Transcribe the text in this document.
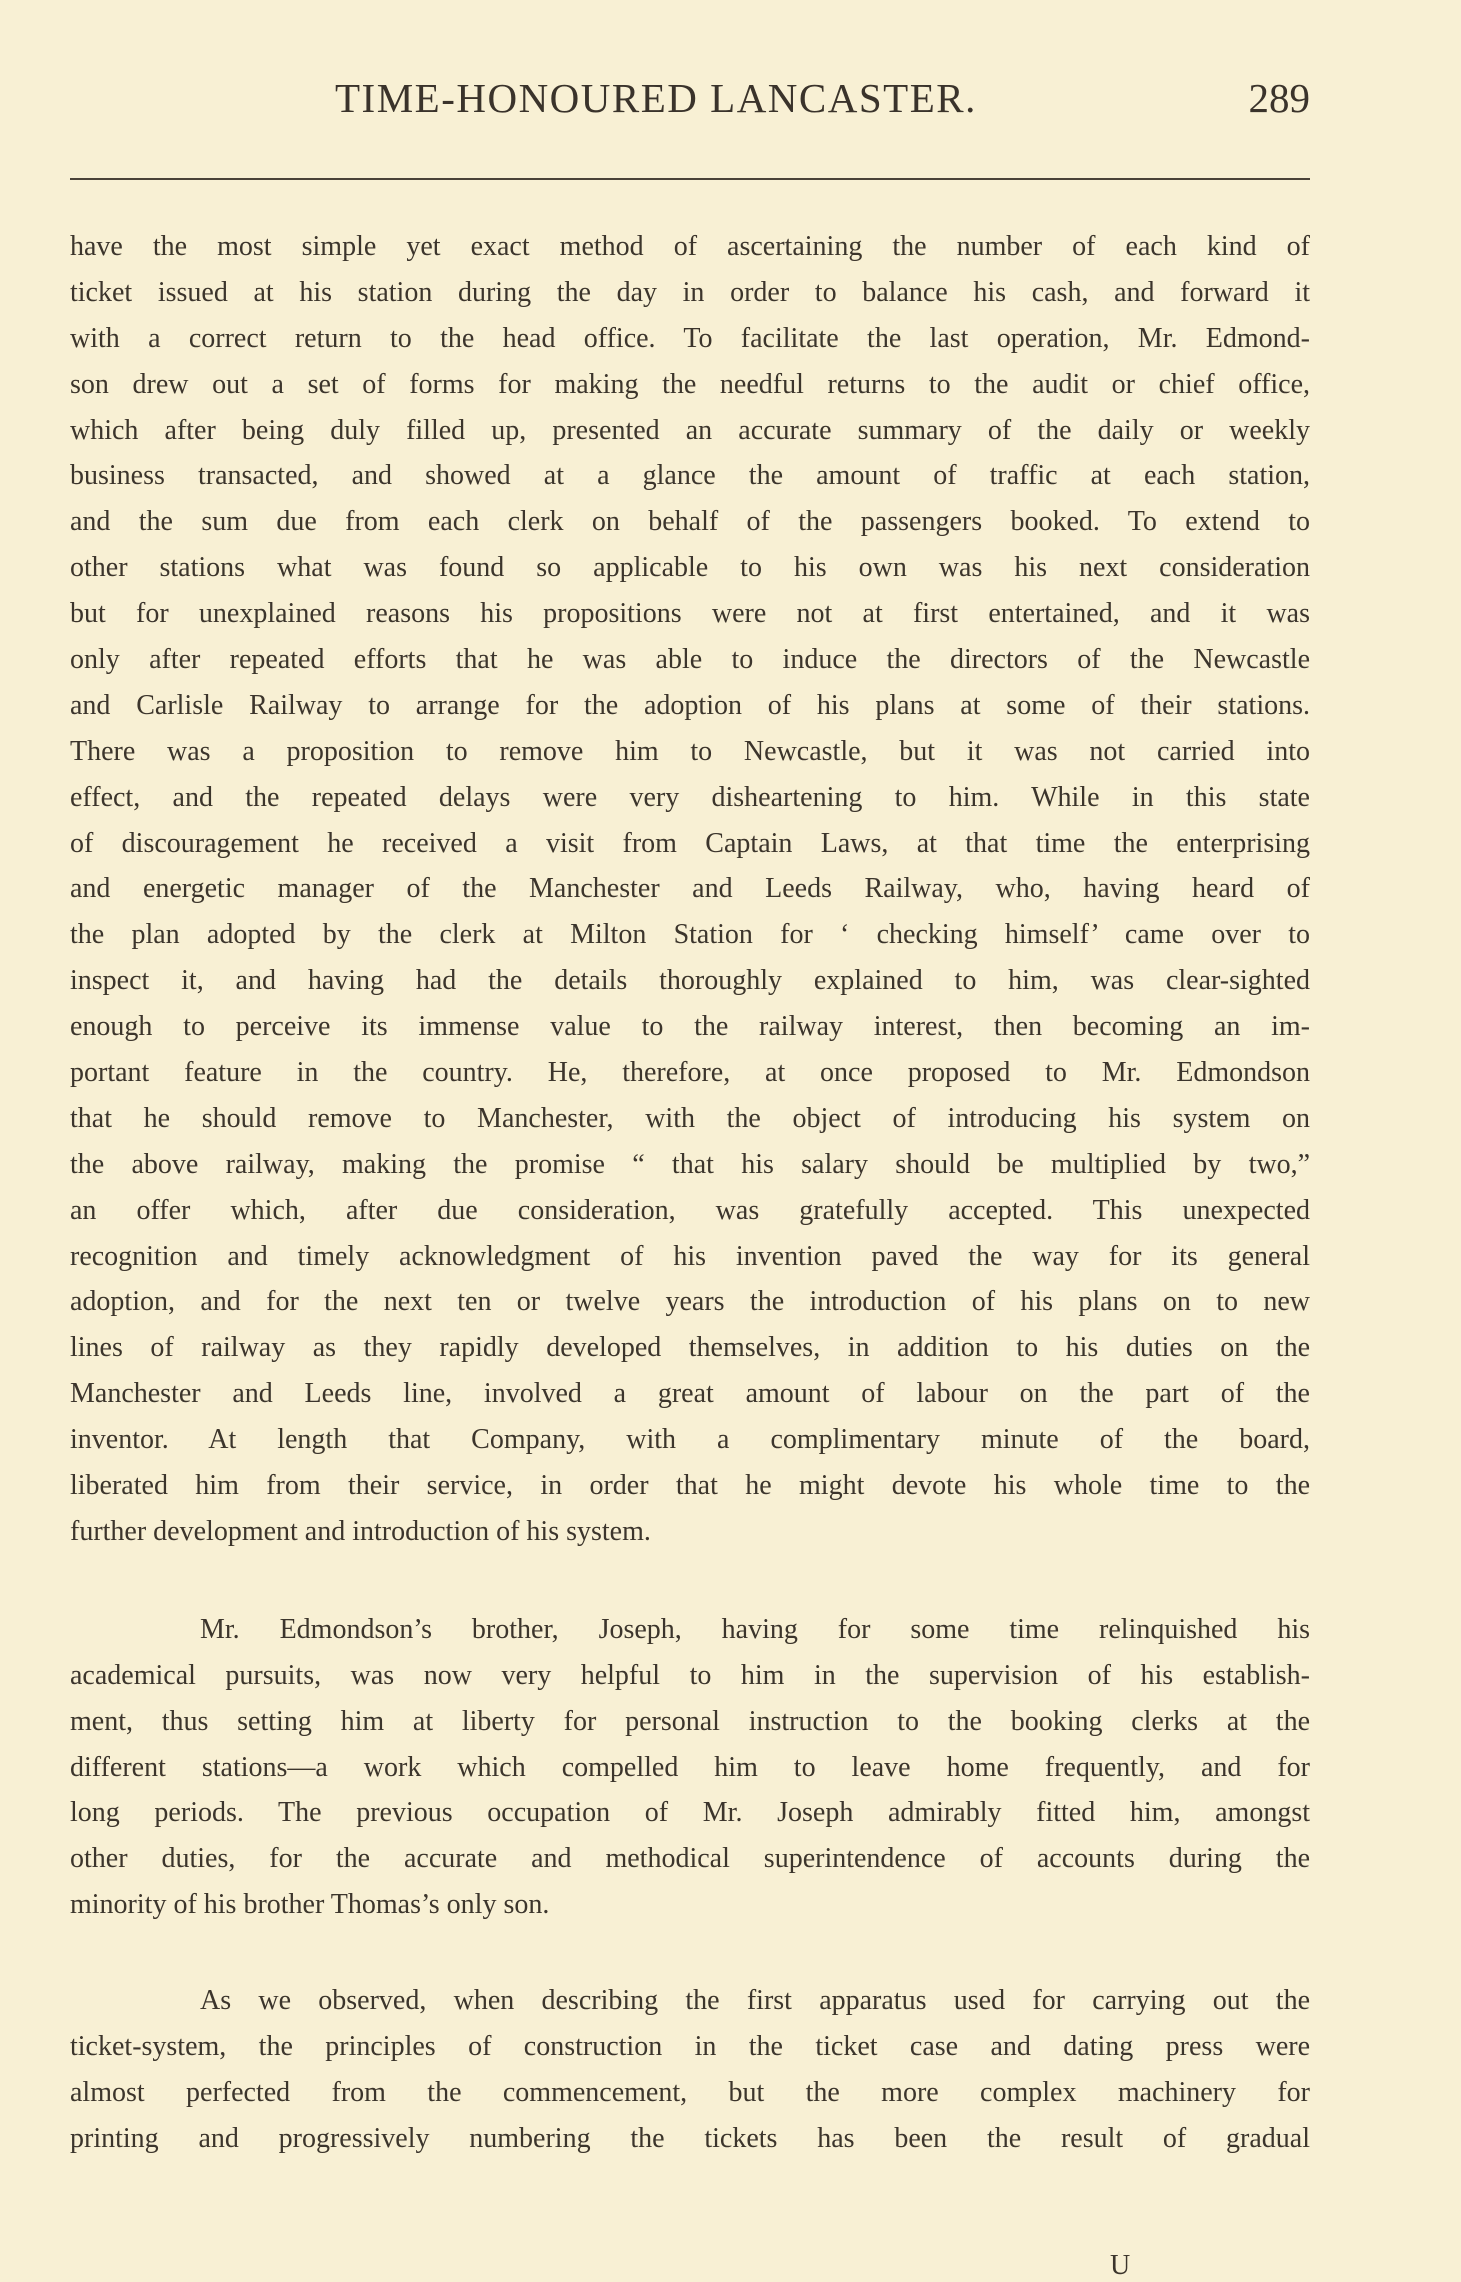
TIME-HONOURED LANCASTER.	289
have the most simple yet exact method of ascertaining the number of each kind of
ticket issued at his station during the day in order to balance his cash, and forward it
with a correct return to the head office. To facilitate the last operation, Mr. Edmond-
son drew out a set of forms for making the needful returns to the audit or chief office,
which after being duly filled up, presented an accurate summary of the daily or weekly
business transacted, and showed at a glance the amount of traffic at each station,
and the sum due from each clerk on behalf of the passengers booked. To extend to
other stations what was found so applicable to his own was his next consideration
but for unexplained reasons his propositions were not at first entertained, and it was
only after repeated efforts that he was able to induce the directors of the Newcastle
and Carlisle Railway to arrange for the adoption of his plans at some of their stations.
There was a proposition to remove him to Newcastle, but it was not carried into
effect, and the repeated delays were very disheartening to him. While in this state
of discouragement he received a visit from Captain Laws, at that time the enterprising
and energetic manager of the Manchester and Leeds Railway, who, having heard of
the plan adopted by the clerk at Milton Station for ‘ checking himself’ came over to
inspect it, and having had the details thoroughly explained to him, was clear-sighted
enough to perceive its immense value to the railway interest, then becoming an im-
portant feature in the country. He, therefore, at once proposed to Mr. Edmondson
that he should remove to Manchester, with the object of introducing his system on
the above railway, making the promise “ that his salary should be multiplied by two,”
an offer which, after due consideration, was gratefully accepted. This unexpected
recognition and timely acknowledgment of his invention paved the way for its general
adoption, and for the next ten or twelve years the introduction of his plans on to new
lines of railway as they rapidly developed themselves, in addition to his duties on the
Manchester and Leeds line, involved a great amount of labour on the part of the
inventor. At length that Company, with a complimentary minute of the board,
liberated him from their service, in order that he might devote his whole time to the
further development and introduction of his system.
Mr. Edmondson’s brother, Joseph, having for some time relinquished his
academical pursuits, was now very helpful to him in the supervision of his establish-
ment, thus setting him at liberty for personal instruction to the booking clerks at the
different stations—a work which compelled him to leave home frequently, and for
long periods. The previous occupation of Mr. Joseph admirably fitted him, amongst
other duties, for the accurate and methodical superintendence of accounts during the
minority of his brother Thomas’s only son.
As we observed, when describing the first apparatus used for carrying out the
ticket-system, the principles of construction in the ticket case and dating press were
almost perfected from the commencement, but the more complex machinery for
printing and progressively numbering the tickets has been the result of gradual
U
